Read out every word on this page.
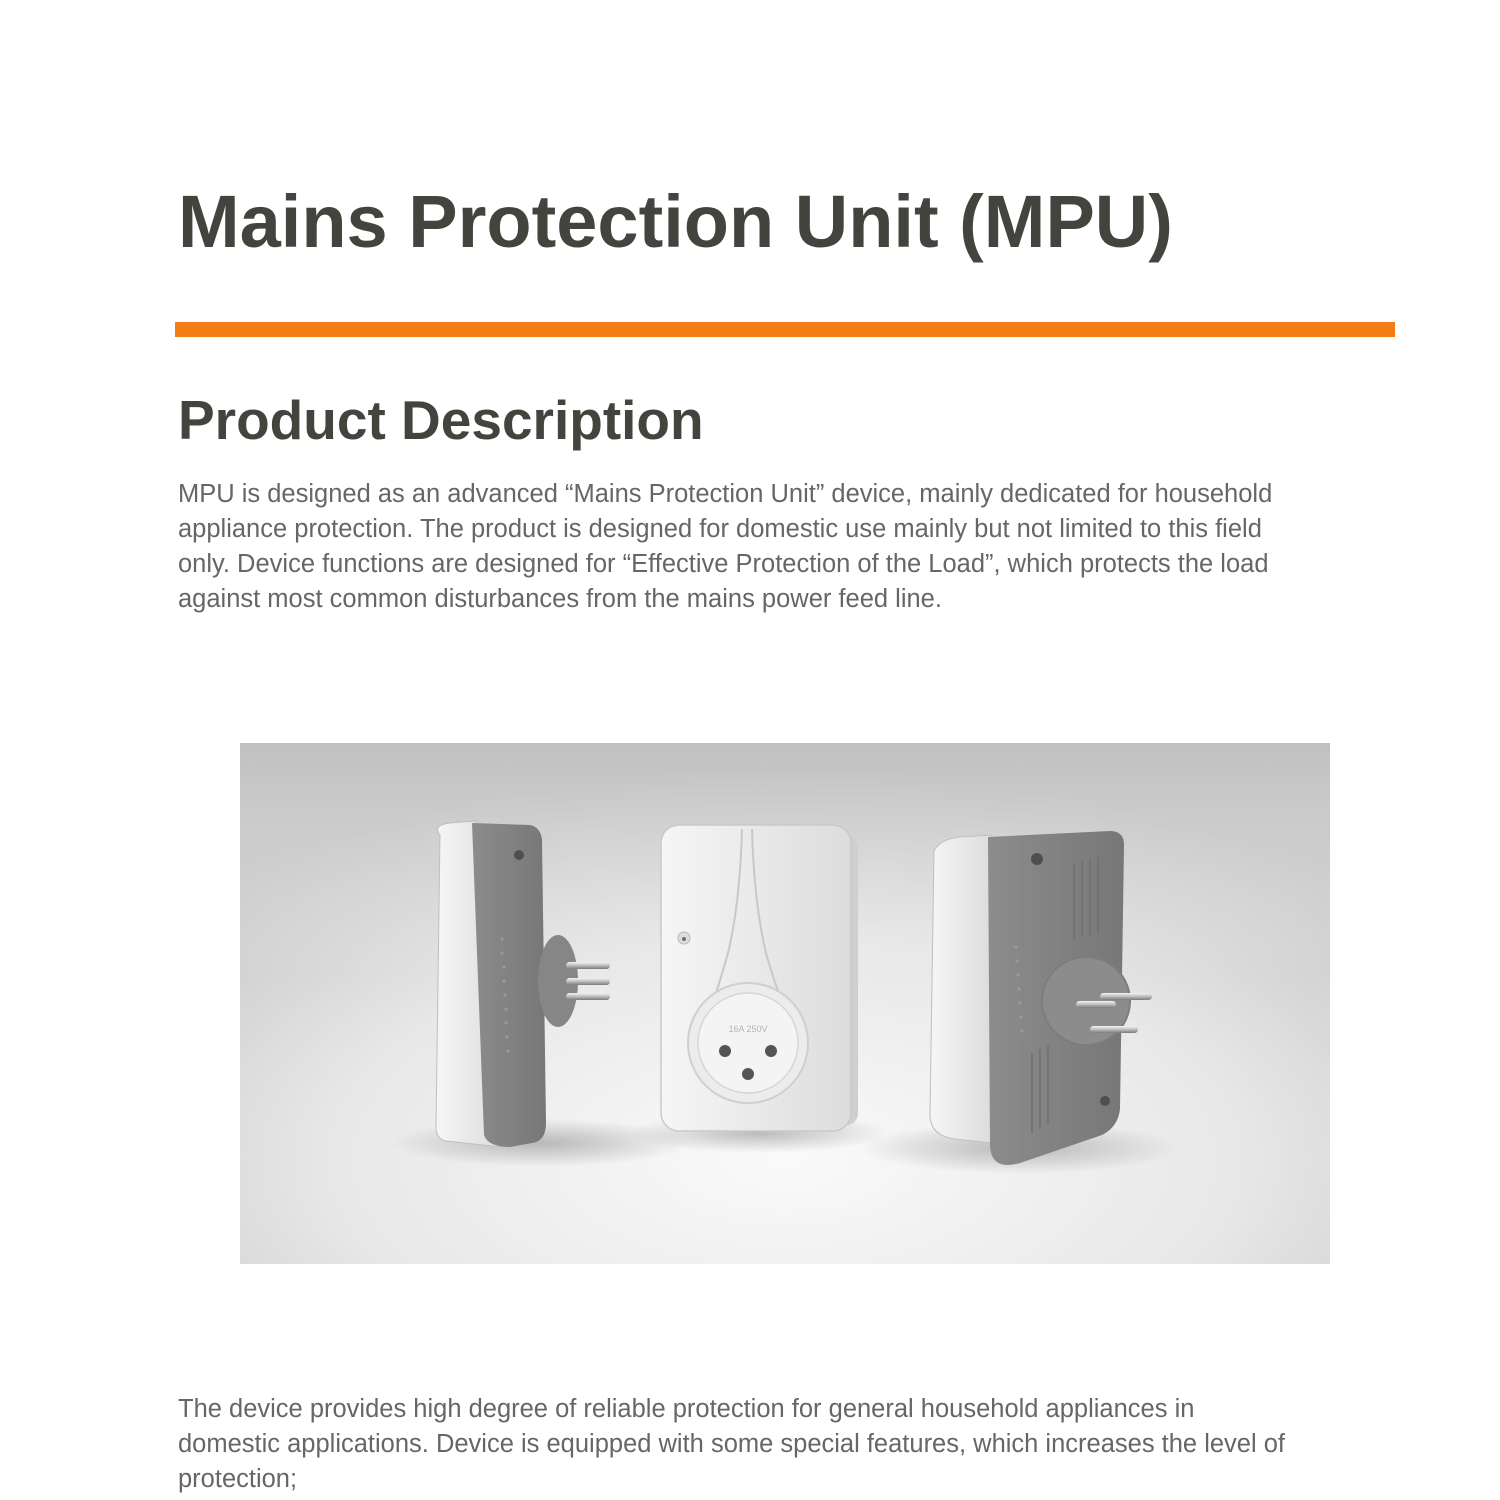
Mains Protection Unit (MPU)
Product Description

MPU is designed as an advanced “Mains Protection Unit” device, mainly dedicated for household
appliance protection. The product is designed for domestic use mainly but not limited to this field
only. Device functions are designed for “Effective Protection of the Load”, which protects the load
against most common disturbances from the mains power feed line.

16A 250V

The device provides high degree of reliable protection for general household appliances in
domestic applications. Device is equipped with some special features, which increases the level of
protection;
